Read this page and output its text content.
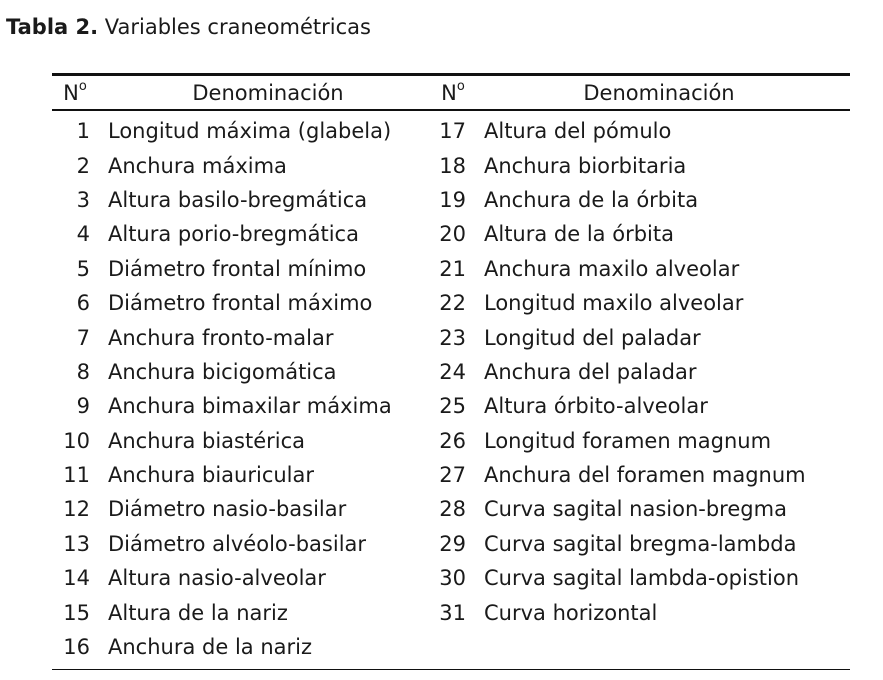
Tabla 2. Variables craneométricas
N o	Denominación	N o	Denominación
1 Longitud máxima (glabela) 17 Altura del pómulo
2 Anchura máxima	18 Anchura biorbitaria
3 Altura basilo-bregmática	19 Anchura de la órbita
4 Altura porio-bregmática	20 Altura de la órbita
5 Diámetro frontal mínimo	21 Anchura maxilo alveolar
6 Diámetro frontal máximo	22 Longitud maxilo alveolar
7 Anchura fronto-malar	23 Longitud del paladar
8 Anchura bicigomática	24 Anchura del paladar
9 Anchura bimaxilar máxima 25 Altura órbito-alveolar
10 Anchura biastérica	26 Longitud foramen magnum
11 Anchura biauricular	27 Anchura del foramen magnum
12 Diámetro nasio-basilar	28 Curva sagital nasion-bregma
13 Diámetro alvéolo-basilar	29 Curva sagital bregma-lambda
14 Altura nasio-alveolar	30 Curva sagital lambda-opistion
15 Altura de la nariz	31 Curva horizontal
16 Anchura de la nariz
